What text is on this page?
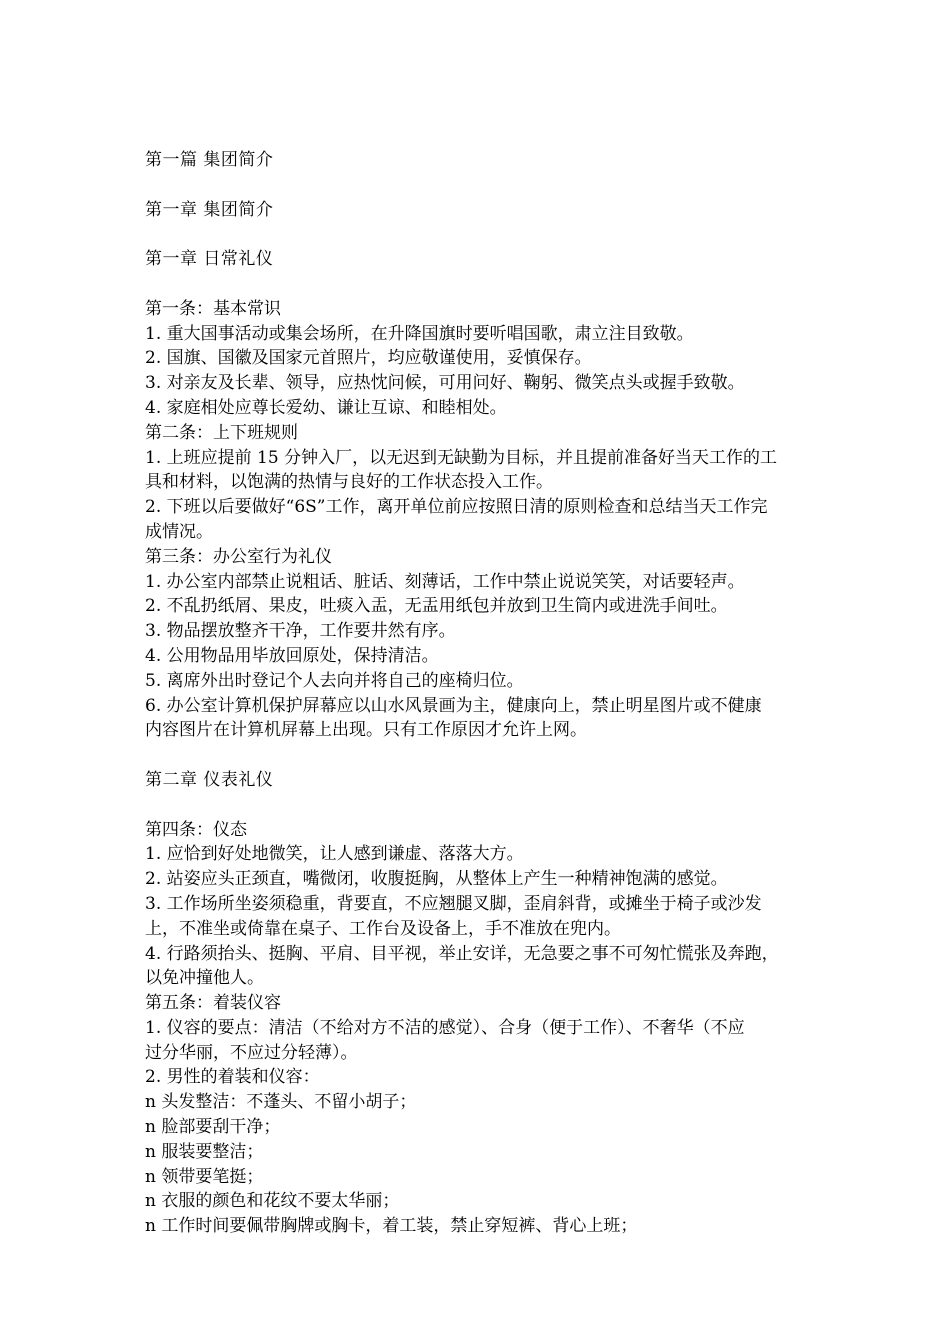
第一篇 集团简介
第一章 集团简介
第一章 日常礼仪
第一条：基本常识
1. 重大国事活动或集会场所，在升降国旗时要听唱国歌，肃立注目致敬。
2. 国旗、国徽及国家元首照片，均应敬谨使用，妥慎保存。
3. 对亲友及长辈、领导，应热忱问候，可用问好、鞠躬、微笑点头或握手致敬。
4. 家庭相处应尊长爱幼、谦让互谅、和睦相处。
第二条：上下班规则
1. 上班应提前 15 分钟入厂，以无迟到无缺勤为目标，并且提前准备好当天工作的工
具和材料，以饱满的热情与良好的工作状态投入工作。
2. 下班以后要做好“6S”工作，离开单位前应按照日清的原则检查和总结当天工作完
成情况。
第三条：办公室行为礼仪
1. 办公室内部禁止说粗话、脏话、刻薄话，工作中禁止说说笑笑，对话要轻声。
2. 不乱扔纸屑、果皮，吐痰入盂，无盂用纸包并放到卫生筒内或进洗手间吐。
3. 物品摆放整齐干净，工作要井然有序。
4. 公用物品用毕放回原处，保持清洁。
5. 离席外出时登记个人去向并将自己的座椅归位。
6. 办公室计算机保护屏幕应以山水风景画为主，健康向上，禁止明星图片或不健康
内容图片在计算机屏幕上出现。只有工作原因才允许上网。
第二章 仪表礼仪
第四条：仪态
1. 应恰到好处地微笑，让人感到谦虚、落落大方。
2. 站姿应头正颈直，嘴微闭，收腹挺胸，从整体上产生一种精神饱满的感觉。
3. 工作场所坐姿须稳重，背要直，不应翘腿叉脚，歪肩斜背，或摊坐于椅子或沙发
上，不准坐或倚靠在桌子、工作台及设备上，手不准放在兜内。
4. 行路须抬头、挺胸、平肩、目平视，举止安详，无急要之事不可匆忙慌张及奔跑，
以免冲撞他人。
第五条：着装仪容
1. 仪容的要点：清洁（不给对方不洁的感觉）、合身（便于工作）、不奢华（不应
过分华丽，不应过分轻薄）。
2. 男性的着装和仪容：
n 头发整洁：不蓬头、不留小胡子；
n 脸部要刮干净；
n 服装要整洁；
n 领带要笔挺；
n 衣服的颜色和花纹不要太华丽；
n 工作时间要佩带胸牌或胸卡，着工装，禁止穿短裤、背心上班；
